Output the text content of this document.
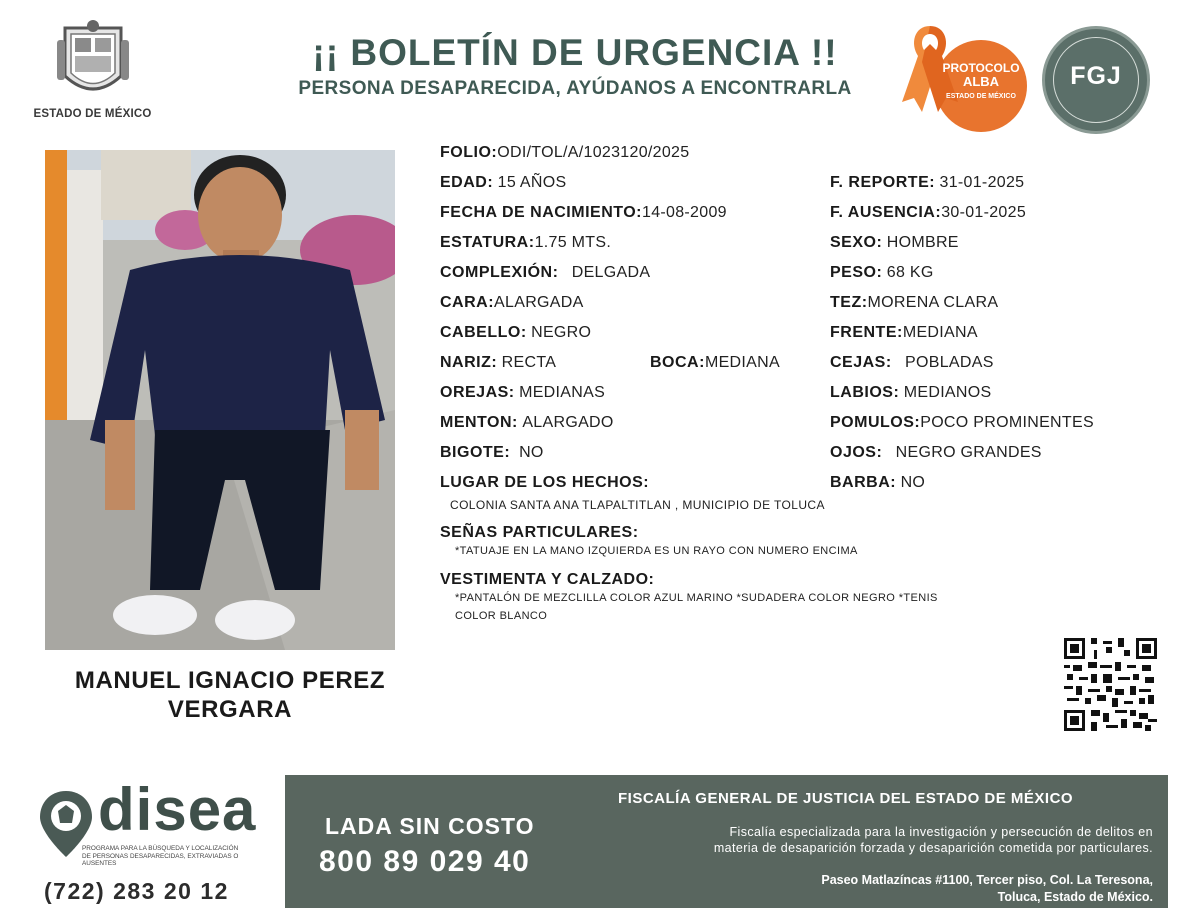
ESTADO DE MÉXICO
¡¡ BOLETÍN DE URGENCIA !!
PERSONA DESAPARECIDA, AYÚDANOS A ENCONTRARLA
PROTOCOLO
ALBA
ESTADO DE MÉXICO
FGJ
MANUEL IGNACIO PEREZ
VERGARA
FOLIO:ODI/TOL/A/1023120/2025
EDAD: 15 AÑOS	F. REPORTE: 31-01-2025
FECHA DE NACIMIENTO:14-08-2009	F. AUSENCIA:30-01-2025
ESTATURA:1.75 MTS.	SEXO: HOMBRE
COMPLEXIÓN: DELGADA	PESO: 68 KG
CARA:ALARGADA	TEZ:MORENA CLARA
CABELLO: NEGRO	FRENTE:MEDIANA
NARIZ: RECTA	BOCA:MEDIANA	CEJAS: POBLADAS
OREJAS: MEDIANAS	LABIOS: MEDIANOS
MENTON: ALARGADO	POMULOS:POCO PROMINENTES
BIGOTE: NO	OJOS: NEGRO GRANDES
LUGAR DE LOS HECHOS:	BARBA: NO
COLONIA SANTA ANA TLAPALTITLAN , MUNICIPIO DE TOLUCA
SEÑAS PARTICULARES:
*TATUAJE EN LA MANO IZQUIERDA ES UN RAYO CON NUMERO ENCIMA
VESTIMENTA Y CALZADO:
*PANTALÓN DE MEZCLILLA COLOR AZUL MARINO *SUDADERA COLOR NEGRO *TENIS
COLOR BLANCO
disea
PROGRAMA PARA LA BÚSQUEDA Y LOCALIZACIÓN
DE PERSONAS DESAPARECIDAS, EXTRAVIADAS O
AUSENTES
(722) 283 20 12
LADA SIN COSTO
800 89 029 40
FISCALÍA GENERAL DE JUSTICIA DEL ESTADO DE MÉXICO
Fiscalía especializada para la investigación y persecución de delitos en
materia de desaparición forzada y desaparición cometida por particulares.
Paseo Matlazíncas #1100, Tercer piso, Col. La Teresona,
Toluca, Estado de México.
